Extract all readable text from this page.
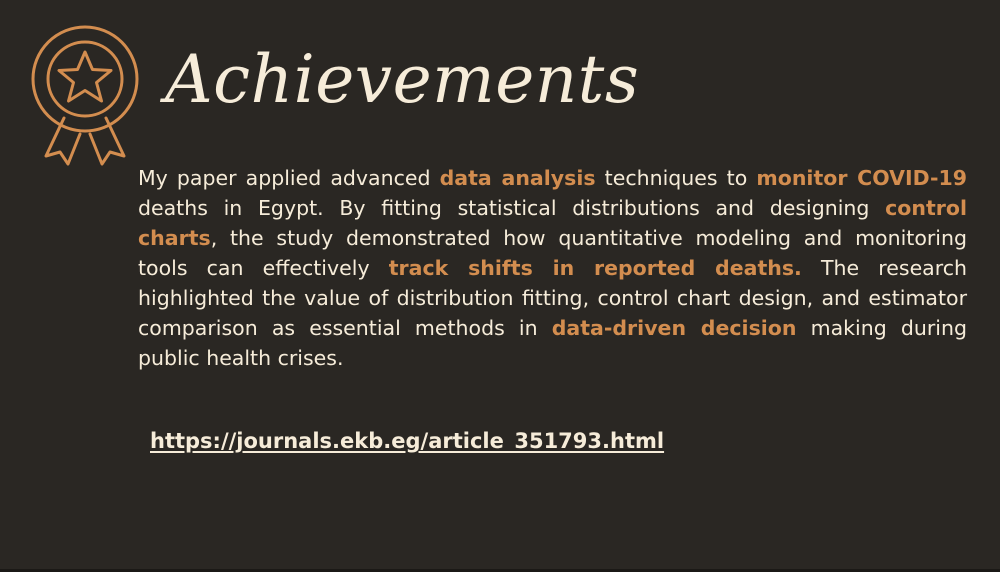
Achievements

My paper applied advanced data analysis techniques to monitor COVID-19 deaths in Egypt. By fitting statistical distributions and designing control charts, the study demonstrated how quantitative modeling and monitoring tools can effectively track shifts in reported deaths. The research highlighted the value of distribution fitting, control chart design, and estimator comparison as essential methods in data-driven decision making during public health crises.

https://journals.ekb.eg/article_351793.html
